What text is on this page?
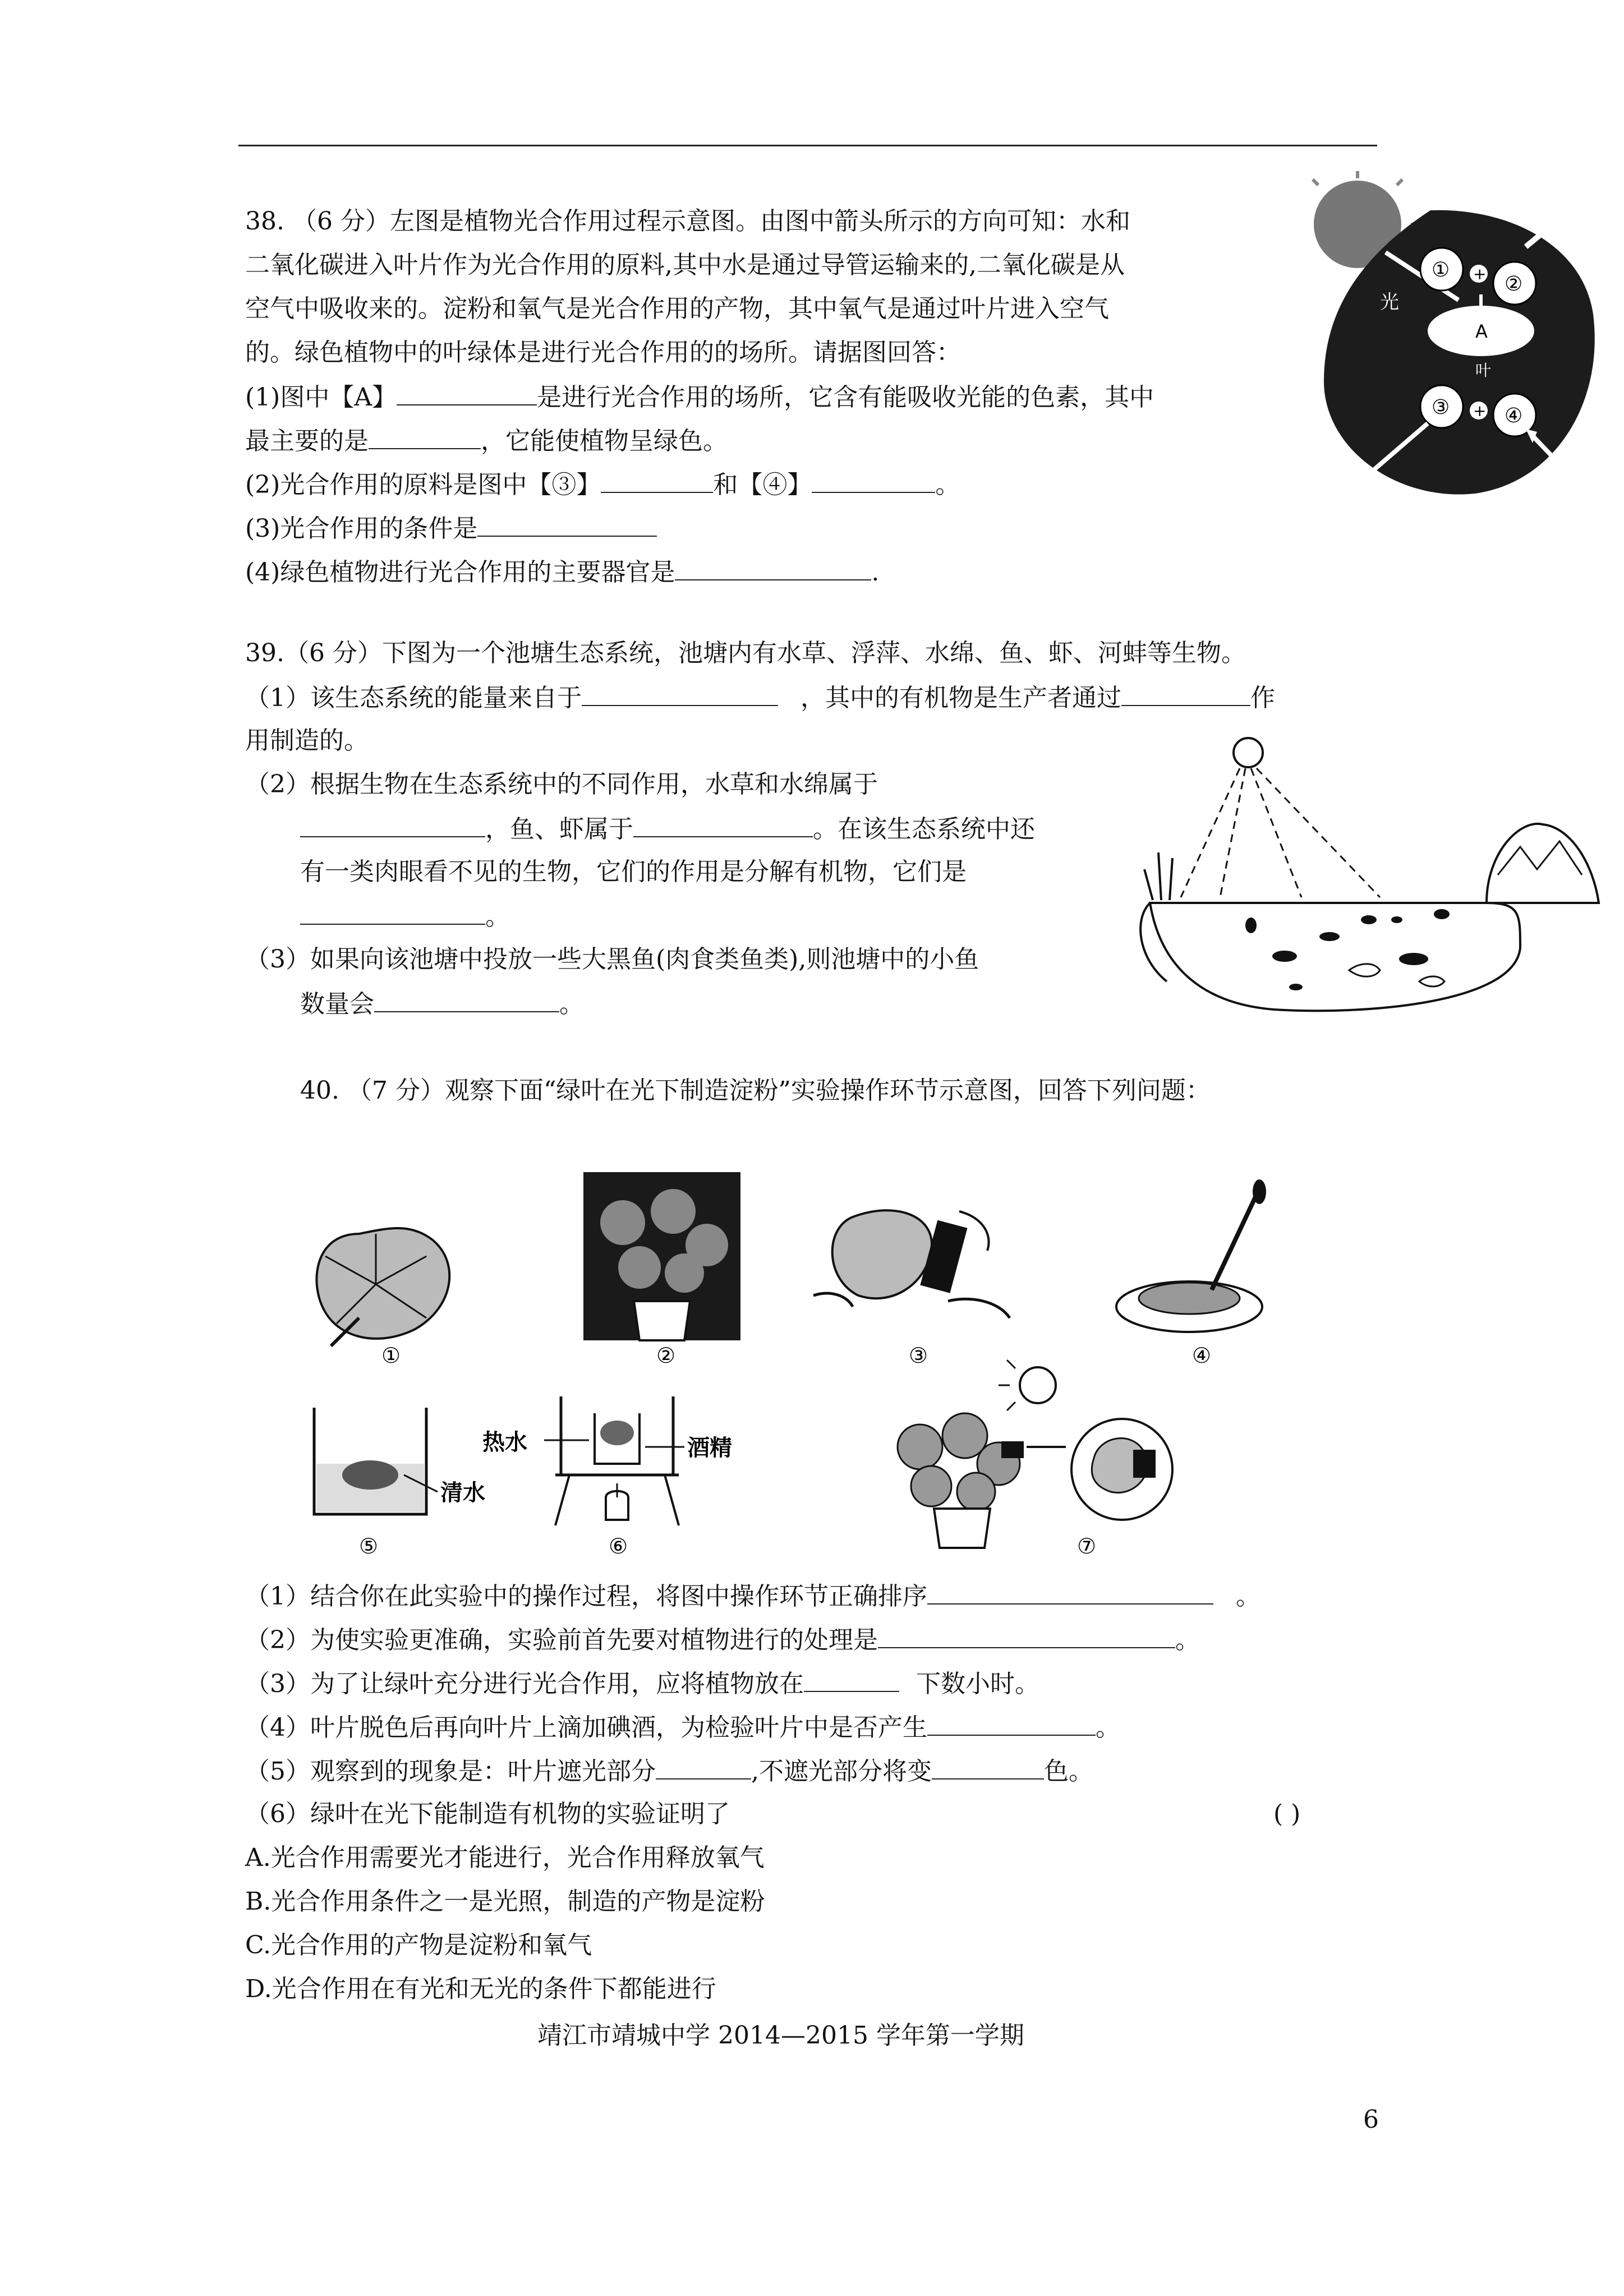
38. （6 分）左图是植物光合作用过程示意图。由图中箭头所示的方向可知：水和
二氧化碳进入叶片作为光合作用的原料,其中水是通过导管运输来的,二氧化碳是从
空气中吸收来的。淀粉和氧气是光合作用的产物，其中氧气是通过叶片进入空气
的。绿色植物中的叶绿体是进行光合作用的的场所。请据图回答：
(1)图中【A】	是进行光合作用的场所，它含有能吸收光能的色素，其中
最主要的是	，它能使植物呈绿色。
(2)光合作用的原料是图中【③】	和【④】	。
(3)光合作用的条件是
(4)绿色植物进行光合作用的主要器官是	.
光
①
②
+
A
叶
③	④
+
39.（6 分）下图为一个池塘生态系统，池塘内有水草、浮萍、水绵、鱼、虾、河蚌等生物。
（1）该生态系统的能量来自于	，其中的有机物是生产者通过	作
用制造的。
（2）根据生物在生态系统中的不同作用，水草和水绵属于
，鱼、虾属于	。在该生态系统中还
有一类肉眼看不见的生物，它们的作用是分解有机物，它们是
。
（3）如果向该池塘中投放一些大黑鱼(肉食类鱼类),则池塘中的小鱼
数量会	。
40. （7 分）观察下面“绿叶在光下制造淀粉”实验操作环节示意图，回答下列问题：
①	②	③	④
清水
⑤
热水	酒精
⑥	⑦
（1）结合你在此实验中的操作过程，将图中操作环节正确排序	。
（2）为使实验更准确，实验前首先要对植物进行的处理是	。
（3）为了让绿叶充分进行光合作用，应将植物放在	下数小时。
（4）叶片脱色后再向叶片上滴加碘酒，为检验叶片中是否产生	。
（5）观察到的现象是：叶片遮光部分	,不遮光部分将变	色。
（6）绿叶在光下能制造有机物的实验证明了	( )
A.光合作用需要光才能进行，光合作用释放氧气
B.光合作用条件之一是光照，制造的产物是淀粉
C.光合作用的产物是淀粉和氧气
D.光合作用在有光和无光的条件下都能进行
靖江市靖城中学 2014—2015 学年第一学期
6
